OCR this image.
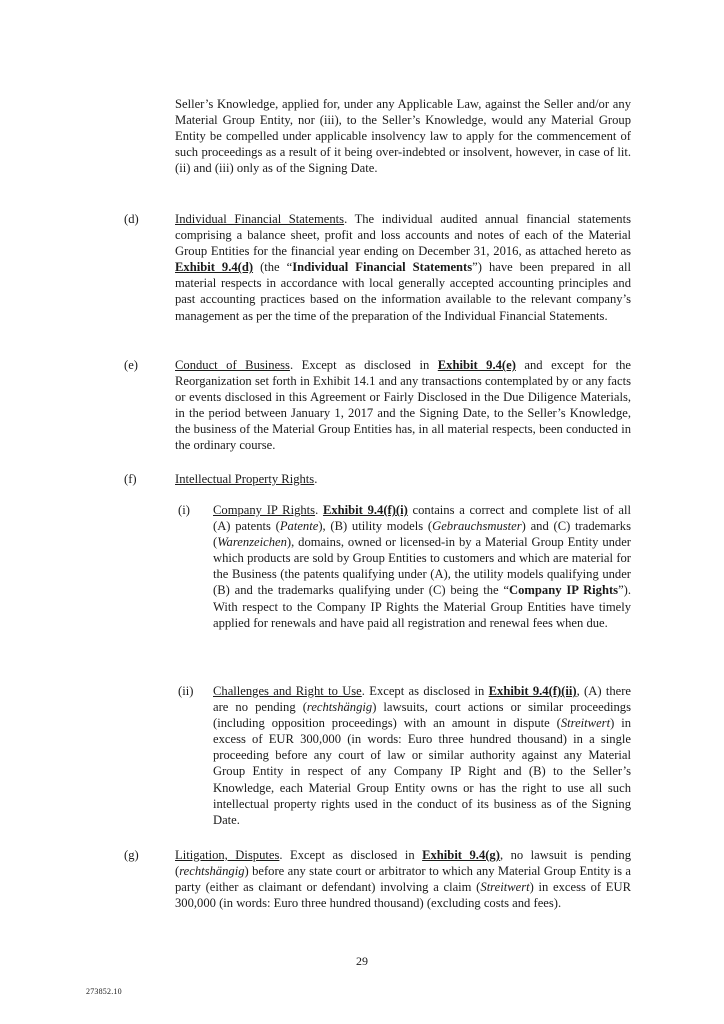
Seller’s Knowledge, applied for, under any Applicable Law, against the Seller and/or any Material Group Entity, nor (iii), to the Seller’s Knowledge, would any Material Group Entity be compelled under applicable insolvency law to apply for the commencement of such proceedings as a result of it being over-indebted or insolvent, however, in case of lit. (ii) and (iii) only as of the Signing Date.
(d)	Individual Financial Statements. The individual audited annual financial statements comprising a balance sheet, profit and loss accounts and notes of each of the Material Group Entities for the financial year ending on December 31, 2016, as attached hereto as Exhibit 9.4(d) (the “Individual Financial Statements”) have been prepared in all material respects in accordance with local generally accepted accounting principles and past accounting practices based on the information available to the relevant company’s management as per the time of the preparation of the Individual Financial Statements.
(e)	Conduct of Business. Except as disclosed in Exhibit 9.4(e) and except for the Reorganization set forth in Exhibit 14.1 and any transactions contemplated by or any facts or events disclosed in this Agreement or Fairly Disclosed in the Due Diligence Materials, in the period between January 1, 2017 and the Signing Date, to the Seller’s Knowledge, the business of the Material Group Entities has, in all material respects, been conducted in the ordinary course.
(f)	Intellectual Property Rights.
(i) Company IP Rights. Exhibit 9.4(f)(i) contains a correct and complete list of all (A) patents (Patente), (B) utility models (Gebrauchsmuster) and (C) trademarks (Warenzeichen), domains, owned or licensed-in by a Material Group Entity under which products are sold by Group Entities to customers and which are material for the Business (the patents qualifying under (A), the utility models qualifying under (B) and the trademarks qualifying under (C) being the “Company IP Rights”). With respect to the Company IP Rights the Material Group Entities have timely applied for renewals and have paid all registration and renewal fees when due.
(ii) Challenges and Right to Use. Except as disclosed in Exhibit 9.4(f)(ii), (A) there are no pending (rechtshängig) lawsuits, court actions or similar proceedings (including opposition proceedings) with an amount in dispute (Streitwert) in excess of EUR 300,000 (in words: Euro three hundred thousand) in a single proceeding before any court of law or similar authority against any Material Group Entity in respect of any Company IP Right and (B) to the Seller’s Knowledge, each Material Group Entity owns or has the right to use all such intellectual property rights used in the conduct of its business as of the Signing Date.
(g)	Litigation, Disputes. Except as disclosed in Exhibit 9.4(g), no lawsuit is pending (rechtshängig) before any state court or arbitrator to which any Material Group Entity is a party (either as claimant or defendant) involving a claim (Streitwert) in excess of EUR 300,000 (in words: Euro three hundred thousand) (excluding costs and fees).
29
273852.10
